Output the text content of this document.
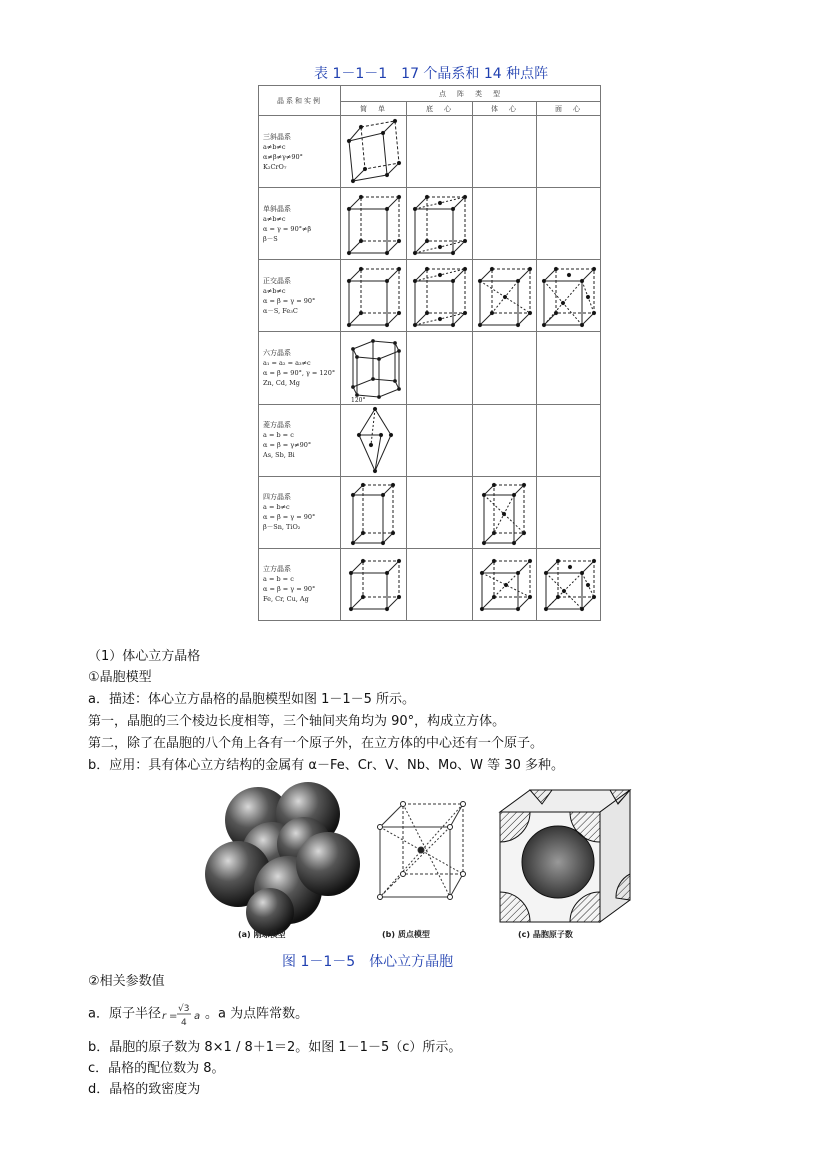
表 1－1－1　17 个晶系和 14 种点阵
晶系和实例	点　阵　类　型			
	简　单	底　心	体　心	面　心

三斜晶系
a≠b≠c
α≠β≠γ≠90°
K₂CrO₇

单斜晶系
a≠b≠c
α = γ = 90°≠β
β－S

正交晶系
a≠b≠c
α = β = γ = 90°
α－S, Fe₃C

六方晶系
a₁ = a₂ = a₃≠c
α = β = 90°, γ = 120°
Zn, Cd, Mg	120°			

菱方晶系
a = b = c
α = β = γ≠90°
As, Sb, Bi

四方晶系
a = b≠c
α = β = γ = 90°
β－Sn, TiO₂

立方晶系
a = b = c
α = β = γ = 90°
Fe, Cr, Cu, Ag

（1）体心立方晶格
①晶胞模型
a．描述：体心立方晶格的晶胞模型如图 1－1－5 所示。
第一，晶胞的三个棱边长度相等，三个轴间夹角均为 90°，构成立方体。
第二，除了在晶胞的八个角上各有一个原子外，在立方体的中心还有一个原子。
b．应用：具有体心立方结构的金属有 α－Fe、Cr、V、Nb、Mo、W 等 30 多种。
(a) 刚球模型	(b) 质点模型	(c) 晶胞原子数
图 1－1－5　体心立方晶胞
②相关参数值
a．原子半径 r =
√3
4
a 。a 为点阵常数。
b．晶胞的原子数为 8×1 / 8＋1＝2。如图 1－1－5（c）所示。
c．晶格的配位数为 8。
d．晶格的致密度为
